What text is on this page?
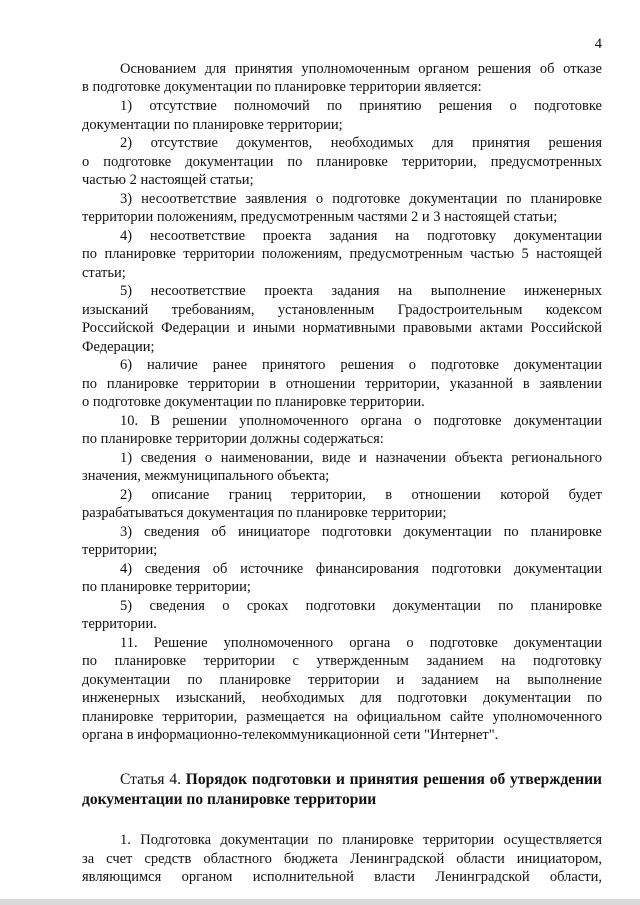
4
Основанием для принятия уполномоченным органом решения об отказе
в подготовке документации по планировке территории является:
1) отсутствие полномочий по принятию решения о подготовке
документации по планировке территории;
2) отсутствие документов, необходимых для принятия решения
о подготовке документации по планировке территории, предусмотренных
частью 2 настоящей статьи;
3) несоответствие заявления о подготовке документации по планировке
территории положениям, предусмотренным частями 2 и 3 настоящей статьи;
4) несоответствие проекта задания на подготовку документации
по планировке территории положениям, предусмотренным частью 5 настоящей
статьи;
5) несоответствие проекта задания на выполнение инженерных
изысканий требованиям, установленным Градостроительным кодексом
Российской Федерации и иными нормативными правовыми актами Российской
Федерации;
6) наличие ранее принятого решения о подготовке документации
по планировке территории в отношении территории, указанной в заявлении
о подготовке документации по планировке территории.
10. В решении уполномоченного органа о подготовке документации
по планировке территории должны содержаться:
1) сведения о наименовании, виде и назначении объекта регионального
значения, межмуниципального объекта;
2) описание границ территории, в отношении которой будет
разрабатываться документация по планировке территории;
3) сведения об инициаторе подготовки документации по планировке
территории;
4) сведения об источнике финансирования подготовки документации
по планировке территории;
5) сведения о сроках подготовки документации по планировке
территории.
11. Решение уполномоченного органа о подготовке документации
по планировке территории с утвержденным заданием на подготовку
документации по планировке территории и заданием на выполнение
инженерных изысканий, необходимых для подготовки документации по
планировке территории, размещается на официальном сайте уполномоченного
органа в информационно-телекоммуникационной сети "Интернет".
Статья 4. Порядок подготовки и принятия решения об утверждении
документации по планировке территории
1. Подготовка документации по планировке территории осуществляется
за счет средств областного бюджета Ленинградской области инициатором,
являющимся органом исполнительной власти Ленинградской области,
